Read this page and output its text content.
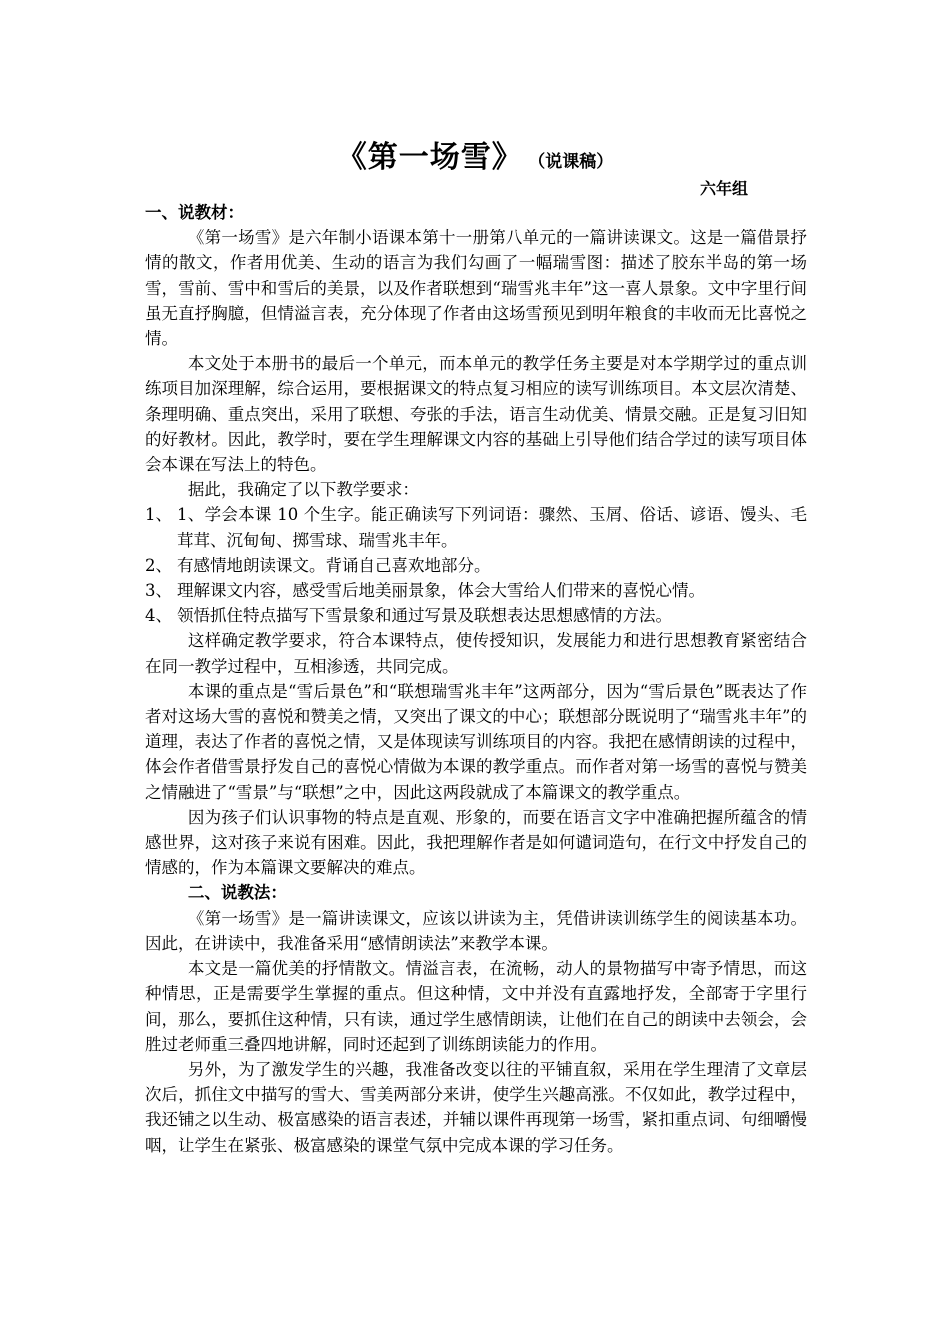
《第一场雪》 （说课稿）
六年组
一、说教材：

《第一场雪》是六年制小语课本第十一册第八单元的一篇讲读课文。这是一篇借景抒情的散文，作者用优美、生动的语言为我们勾画了一幅瑞雪图：描述了胶东半岛的第一场雪，雪前、雪中和雪后的美景，以及作者联想到“瑞雪兆丰年”这一喜人景象。文中字里行间虽无直抒胸臆，但情溢言表，充分体现了作者由这场雪预见到明年粮食的丰收而无比喜悦之情。

本文处于本册书的最后一个单元，而本单元的教学任务主要是对本学期学过的重点训练项目加深理解，综合运用，要根据课文的特点复习相应的读写训练项目。本文层次清楚、条理明确、重点突出，采用了联想、夸张的手法，语言生动优美、情景交融。正是复习旧知的好教材。因此，教学时，要在学生理解课文内容的基础上引导他们结合学过的读写项目体会本课在写法上的特色。

据此，我确定了以下教学要求：

1、 1、学会本课 10 个生字。能正确读写下列词语：骤然、玉屑、俗话、谚语、馒头、毛茸茸、沉甸甸、掷雪球、瑞雪兆丰年。
2、 有感情地朗读课文。背诵自己喜欢地部分。
3、 理解课文内容，感受雪后地美丽景象，体会大雪给人们带来的喜悦心情。
4、 领悟抓住特点描写下雪景象和通过写景及联想表达思想感情的方法。

这样确定教学要求，符合本课特点，使传授知识，发展能力和进行思想教育紧密结合在同一教学过程中，互相渗透，共同完成。

本课的重点是“雪后景色”和“联想瑞雪兆丰年”这两部分，因为“雪后景色”既表达了作者对这场大雪的喜悦和赞美之情，又突出了课文的中心；联想部分既说明了“瑞雪兆丰年”的道理，表达了作者的喜悦之情，又是体现读写训练项目的内容。我把在感情朗读的过程中，体会作者借雪景抒发自己的喜悦心情做为本课的教学重点。而作者对第一场雪的喜悦与赞美之情融进了“雪景”与“联想”之中，因此这两段就成了本篇课文的教学重点。

因为孩子们认识事物的特点是直观、形象的，而要在语言文字中准确把握所蕴含的情感世界，这对孩子来说有困难。因此，我把理解作者是如何谴词造句，在行文中抒发自己的情感的，作为本篇课文要解决的难点。

二、说教法：

《第一场雪》是一篇讲读课文，应该以讲读为主，凭借讲读训练学生的阅读基本功。因此，在讲读中，我准备采用“感情朗读法”来教学本课。

本文是一篇优美的抒情散文。情溢言表，在流畅，动人的景物描写中寄予情思，而这种情思，正是需要学生掌握的重点。但这种情，文中并没有直露地抒发，全部寄于字里行间，那么，要抓住这种情，只有读，通过学生感情朗读，让他们在自己的朗读中去领会，会胜过老师重三叠四地讲解，同时还起到了训练朗读能力的作用。

另外，为了激发学生的兴趣，我准备改变以往的平铺直叙，采用在学生理清了文章层次后，抓住文中描写的雪大、雪美两部分来讲，使学生兴趣高涨。不仅如此，教学过程中，我还铺之以生动、极富感染的语言表述，并辅以课件再现第一场雪，紧扣重点词、句细嚼慢咽，让学生在紧张、极富感染的课堂气氛中完成本课的学习任务。
